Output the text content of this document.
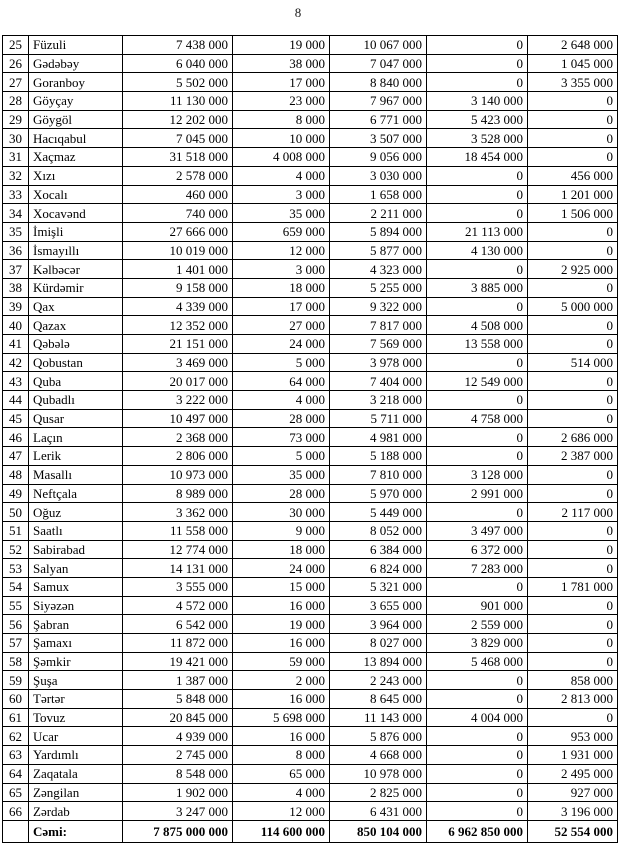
8
25	Füzuli	7 438 000	19 000	10 067 000	0	2 648 000
26	Gədəbəy	6 040 000	38 000	7 047 000	0	1 045 000
27	Goranboy	5 502 000	17 000	8 840 000	0	3 355 000
28	Göyçay	11 130 000	23 000	7 967 000	3 140 000	0
29	Göygöl	12 202 000	8 000	6 771 000	5 423 000	0
30	Hacıqabul	7 045 000	10 000	3 507 000	3 528 000	0
31	Xaçmaz	31 518 000	4 008 000	9 056 000	18 454 000	0
32	Xızı	2 578 000	4 000	3 030 000	0	456 000
33	Xocalı	460 000	3 000	1 658 000	0	1 201 000
34	Xocavənd	740 000	35 000	2 211 000	0	1 506 000
35	İmişli	27 666 000	659 000	5 894 000	21 113 000	0
36	İsmayıllı	10 019 000	12 000	5 877 000	4 130 000	0
37	Kəlbəcər	1 401 000	3 000	4 323 000	0	2 925 000
38	Kürdəmir	9 158 000	18 000	5 255 000	3 885 000	0
39	Qax	4 339 000	17 000	9 322 000	0	5 000 000
40	Qazax	12 352 000	27 000	7 817 000	4 508 000	0
41	Qəbələ	21 151 000	24 000	7 569 000	13 558 000	0
42	Qobustan	3 469 000	5 000	3 978 000	0	514 000
43	Quba	20 017 000	64 000	7 404 000	12 549 000	0
44	Qubadlı	3 222 000	4 000	3 218 000	0	0
45	Qusar	10 497 000	28 000	5 711 000	4 758 000	0
46	Laçın	2 368 000	73 000	4 981 000	0	2 686 000
47	Lerik	2 806 000	5 000	5 188 000	0	2 387 000
48	Masallı	10 973 000	35 000	7 810 000	3 128 000	0
49	Neftçala	8 989 000	28 000	5 970 000	2 991 000	0
50	Oğuz	3 362 000	30 000	5 449 000	0	2 117 000
51	Saatlı	11 558 000	9 000	8 052 000	3 497 000	0
52	Sabirabad	12 774 000	18 000	6 384 000	6 372 000	0
53	Salyan	14 131 000	24 000	6 824 000	7 283 000	0
54	Samux	3 555 000	15 000	5 321 000	0	1 781 000
55	Siyəzən	4 572 000	16 000	3 655 000	901 000	0
56	Şabran	6 542 000	19 000	3 964 000	2 559 000	0
57	Şamaxı	11 872 000	16 000	8 027 000	3 829 000	0
58	Şəmkir	19 421 000	59 000	13 894 000	5 468 000	0
59	Şuşa	1 387 000	2 000	2 243 000	0	858 000
60	Tərtər	5 848 000	16 000	8 645 000	0	2 813 000
61	Tovuz	20 845 000	5 698 000	11 143 000	4 004 000	0
62	Ucar	4 939 000	16 000	5 876 000	0	953 000
63	Yardımlı	2 745 000	8 000	4 668 000	0	1 931 000
64	Zaqatala	8 548 000	65 000	10 978 000	0	2 495 000
65	Zəngilan	1 902 000	4 000	2 825 000	0	927 000
66	Zərdab	3 247 000	12 000	6 431 000	0	3 196 000
	Cəmi:	7 875 000 000	114 600 000	850 104 000	6 962 850 000	52 554 000
